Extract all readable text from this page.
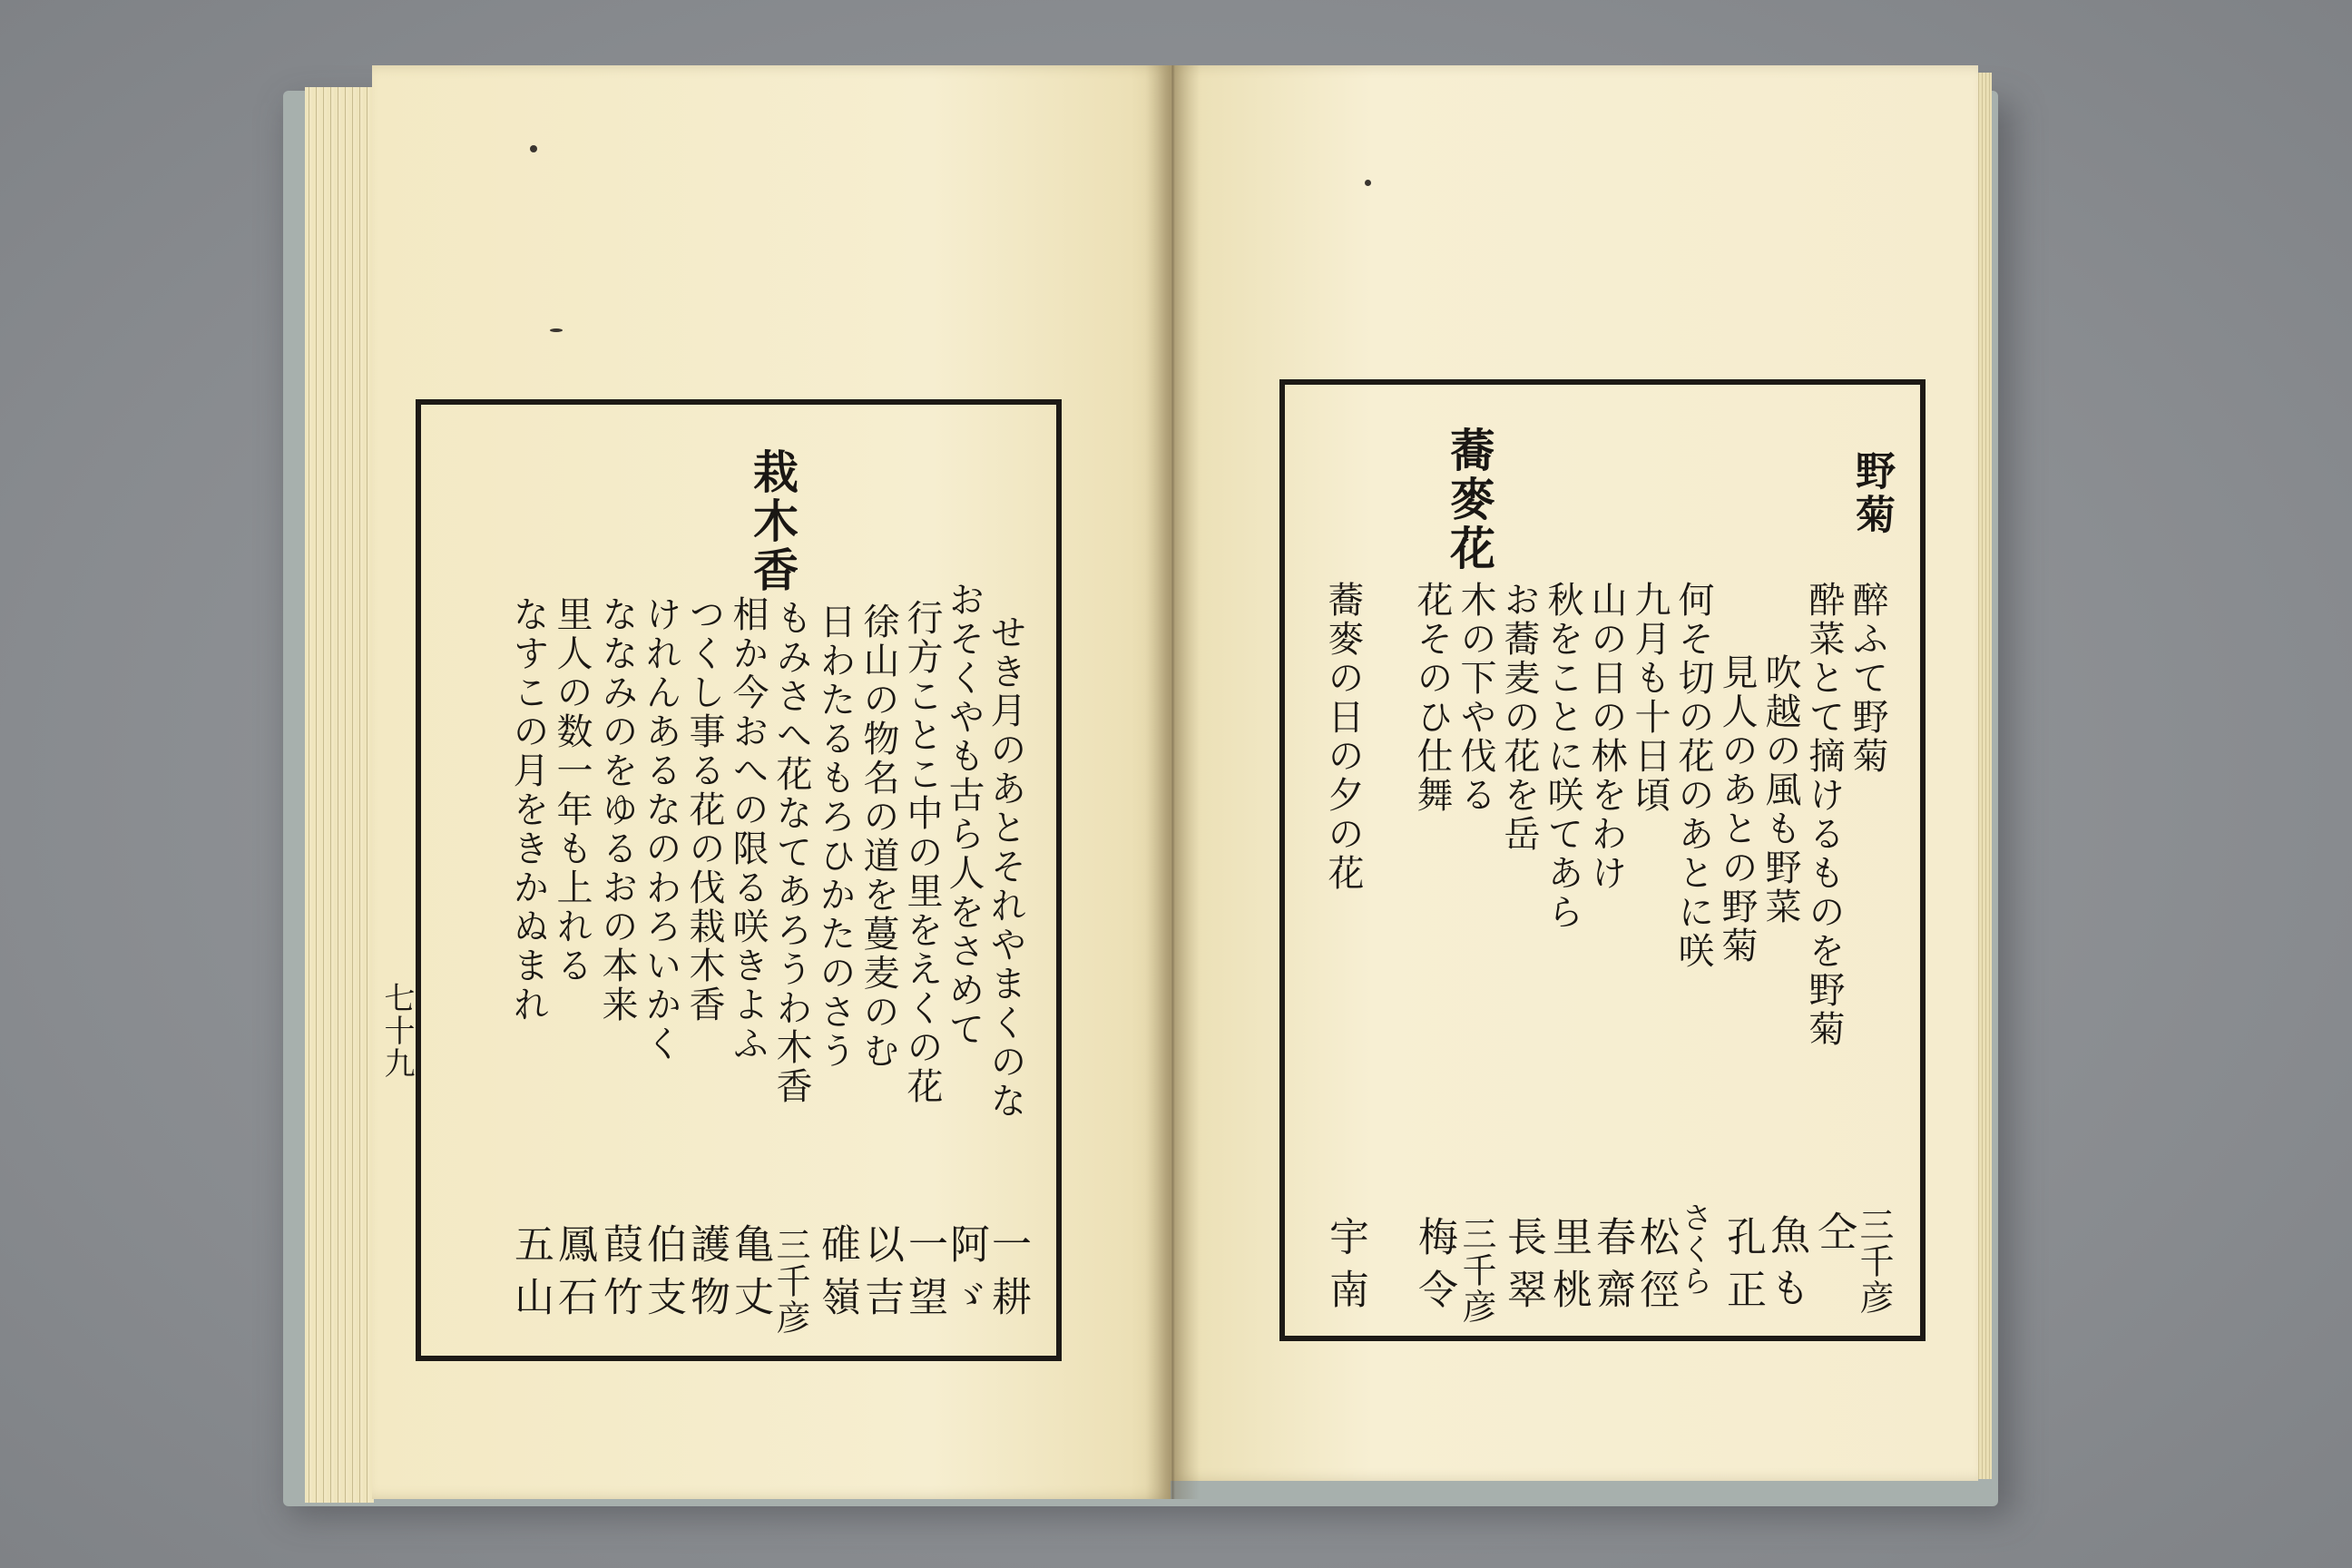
栽木香
せき月のあとそれやまくのな
おそくやも古ら人をさめて
行方ことこ中の里をえくの花
徐山の物名の道を蔓麦のむ
日わたるもろひかたのさう
もみさへ花なてあろうわ木香
相か今おへの限る咲きよふ
つくし事る花の伐栽木香
けれんあるなのわろいかく
ななみのをゆるおの本来
里人の数一年も上れる
なすこの月をきかぬまれ
一耕
阿ゞ
一望
以吉
碓嶺
三千彦
亀丈
護物
伯支
葭竹
鳳石
五山
七十九
蕎麥花	野菊
醉ふて野菊
酔菜とて摘けるものを野菊
吹越の風も野菜
見人のあとの野菊
何そ切の花のあとに咲
九月も十日頃
山の日の林をわけ
秋をことに咲てあら
お蕎麦の花を岳
木の下や伐る
花そのひ仕舞
蕎麥の日の夕の花
三千彦
仝
魚も
孔正
さくら
松徑
春齋
里桃
長翠
三千彦
梅令
宇南
